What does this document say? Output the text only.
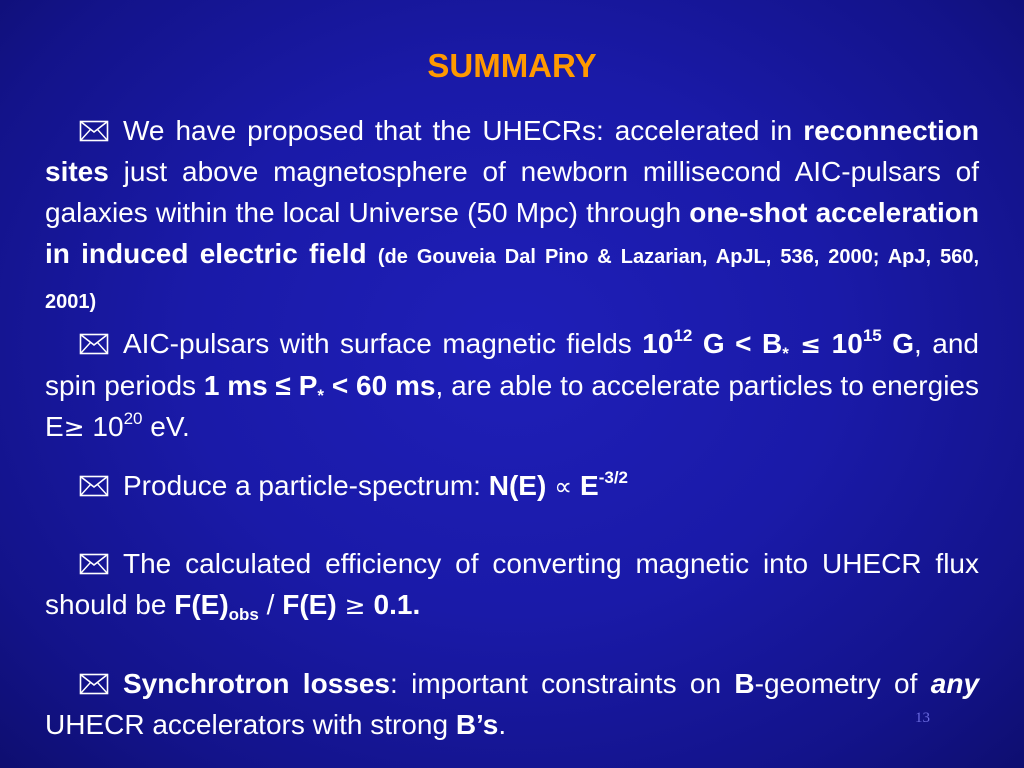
SUMMARY
We have proposed that the UHECRs: accelerated in reconnection sites just above magnetosphere of newborn millisecond AIC-pulsars of galaxies within the local Universe (50 Mpc) through one-shot acceleration in induced electric field (de Gouveia Dal Pino & Lazarian, ApJL, 536, 2000; ApJ, 560, 2001)
AIC-pulsars with surface magnetic fields $10^{12}$ $G < B_* \le 10^{15}$ G, and spin periods 1 ms ≤ $P_* < 60$ ms, are able to accelerate particles to energies $E\ge 10^{20}$ eV.
Produce a particle-spectrum: $N(E) \propto E^{-3/2}$
The calculated efficiency of converting magnetic into UHECR flux should be $F(E)_{obs} / F(E) \ge 0.1$.
Synchrotron losses: important constraints on B-geometry of any UHECR accelerators with strong B’s.	13
